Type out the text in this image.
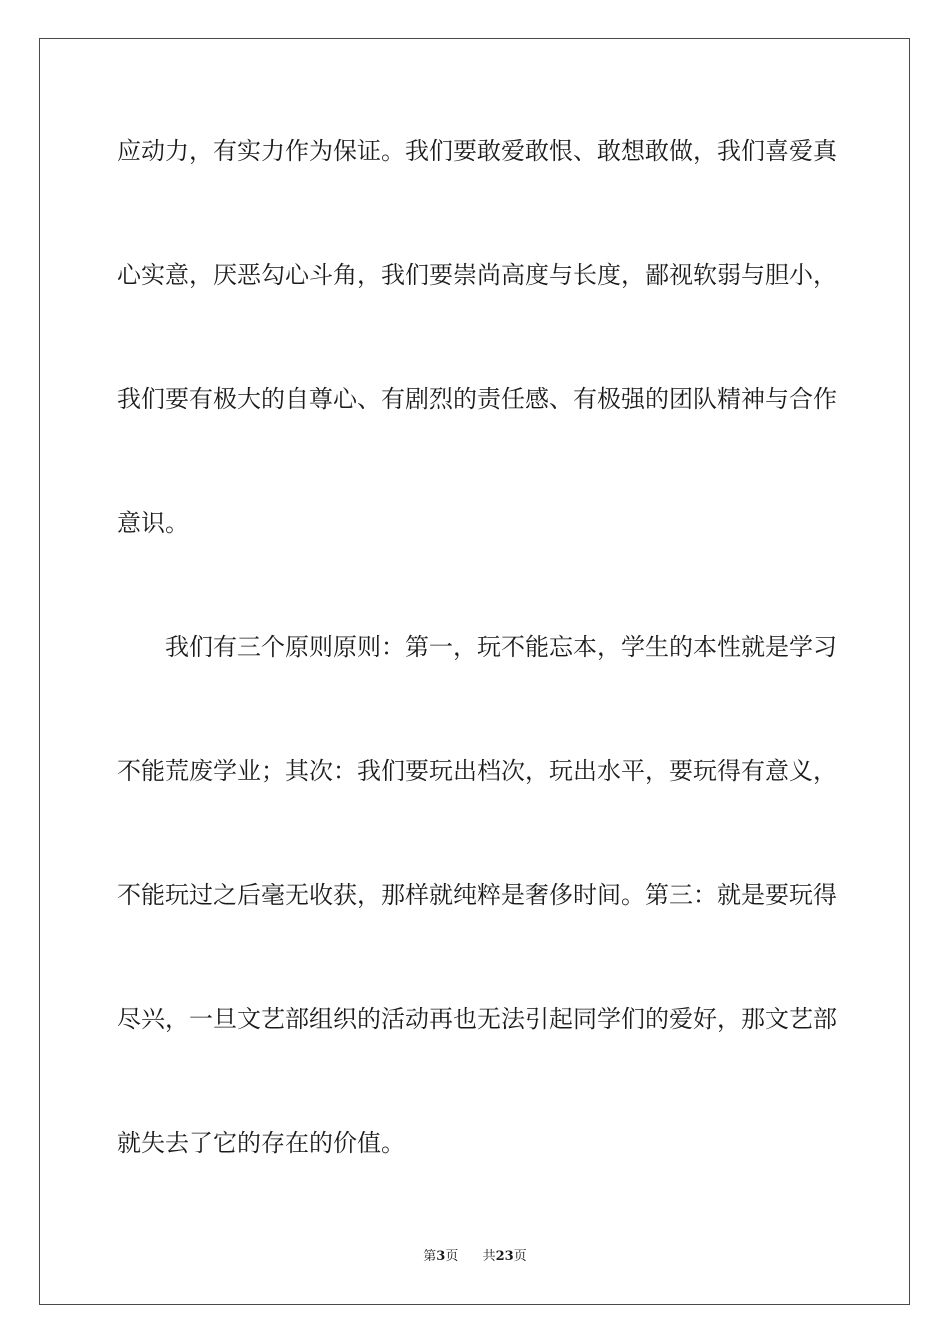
应动力，有实力作为保证。我们要敢爱敢恨、敢想敢做，我们喜爱真
心实意，厌恶勾心斗角，我们要崇尚高度与长度，鄙视软弱与胆小，
我们要有极大的自尊心、有剧烈的责任感、有极强的团队精神与合作
意识。
我们有三个原则原则：第一，玩不能忘本，学生的本性就是学习
不能荒废学业；其次：我们要玩出档次，玩出水平，要玩得有意义，
不能玩过之后毫无收获，那样就纯粹是奢侈时间。第三：就是要玩得
尽兴，一旦文艺部组织的活动再也无法引起同学们的爱好，那文艺部
就失去了它的存在的价值。
第3页 共23页
